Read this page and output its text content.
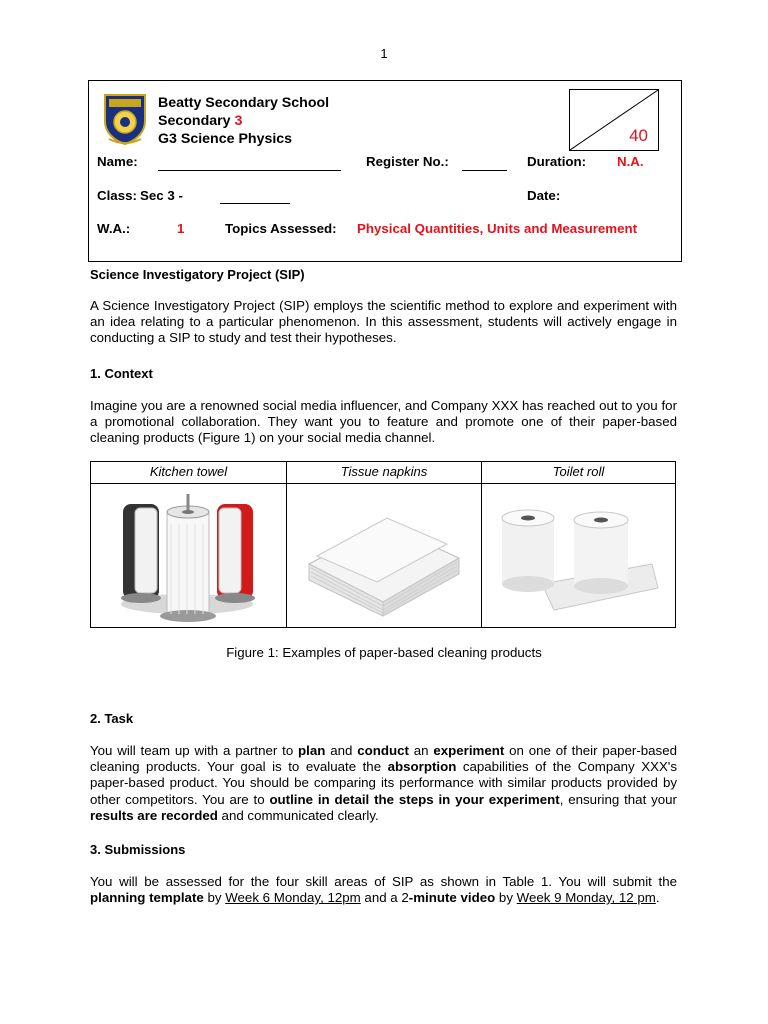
1
Beatty Secondary School
Secondary 3
G3 Science Physics	40
Name:	Register No.:	Duration: N.A.
Class: Sec 3 -	Date:
W.A.:	1	Topics Assessed: Physical Quantities, Units and Measurement
Science Investigatory Project (SIP)
A Science Investigatory Project (SIP) employs the scientific method to explore and experiment with an idea relating to a particular phenomenon. In this assessment, students will actively engage in conducting a SIP to study and test their hypotheses.
1. Context
Imagine you are a renowned social media influencer, and Company XXX has reached out to you for a promotional collaboration. They want you to feature and promote one of their paper-based cleaning products (Figure 1) on your social media channel.
Kitchen towel	Tissue napkins	Toilet roll
Figure 1: Examples of paper-based cleaning products
2. Task
You will team up with a partner to plan and conduct an experiment on one of their paper-based cleaning products. Your goal is to evaluate the absorption capabilities of the Company XXX's paper-based product. You should be comparing its performance with similar products provided by other competitors. You are to outline in detail the steps in your experiment, ensuring that your results are recorded and communicated clearly.
3. Submissions
You will be assessed for the four skill areas of SIP as shown in Table 1. You will submit the planning template by Week 6 Monday, 12pm and a 2-minute video by Week 9 Monday, 12 pm.
